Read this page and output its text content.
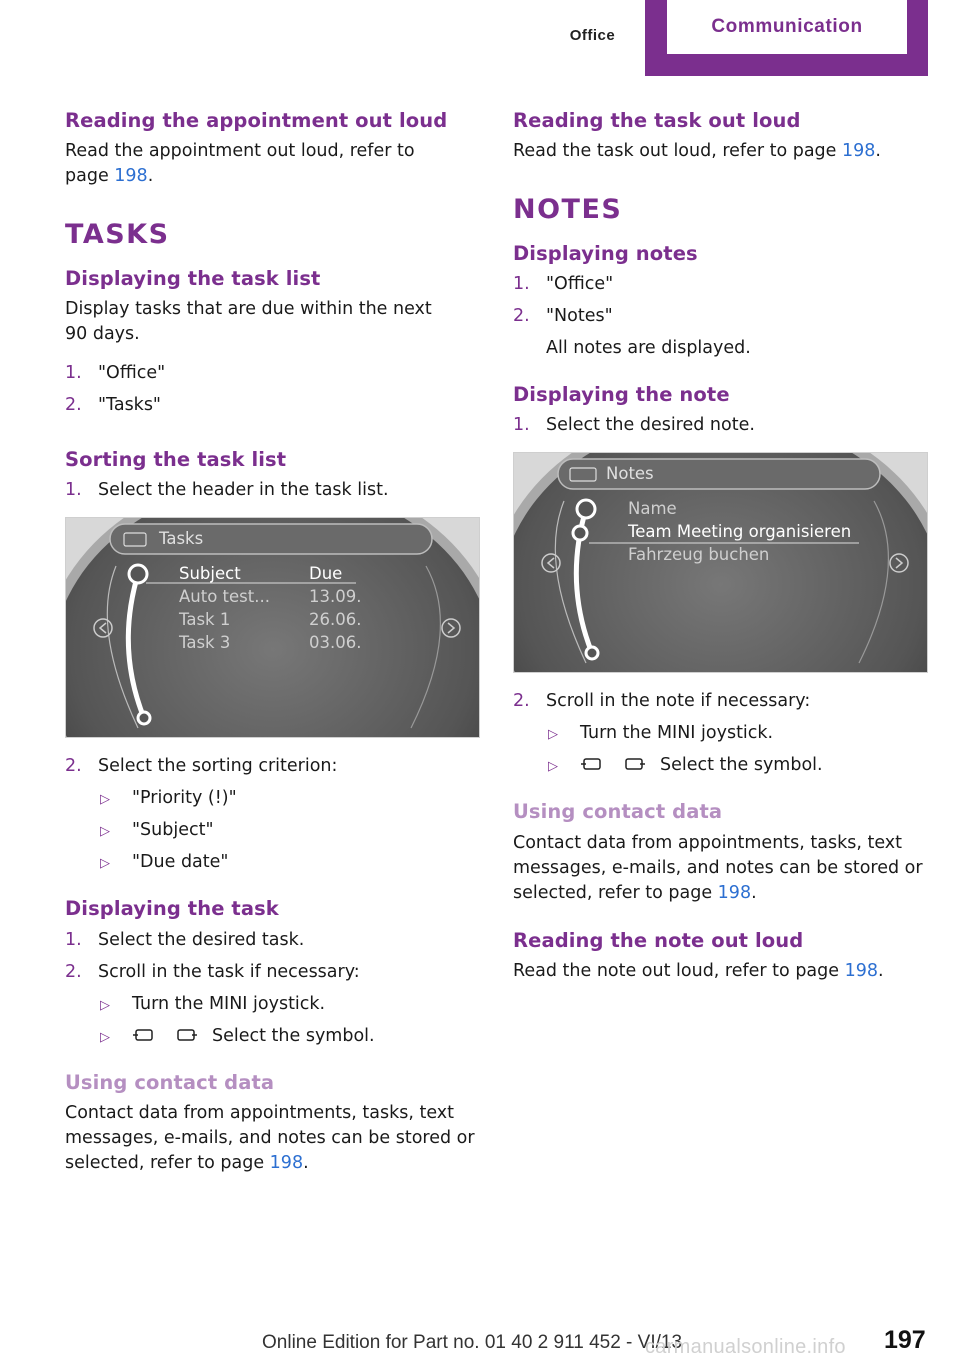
Office	Communication
Reading the appointment out loud

Read the appointment out loud, refer to
page 198.

TASKS
Displaying the task list

Display tasks that are due within the next 90 days.

1. "Office"
2. "Tasks"
Sorting the task list
1. Select the header in the task list.
Tasks
Subject	Due
Auto test... 13.09.
Task 1	26.06.
Task 3	03.06.
2. Select the sorting criterion:
▷ "Priority (!)"
▷ "Subject"
▷ "Due date"
Displaying the task
1. Select the desired task.
2. Scroll in the task if necessary:
▷ Turn the MINI joystick.
▷	Select the symbol.
Using contact data

Contact data from appointments, tasks, text messages, e-mails, and notes can be stored or selected, refer to page 198.

Reading the task out loud

Read the task out loud, refer to page 198.

NOTES
Displaying notes
1. "Office"
2. "Notes"
All notes are displayed.
Displaying the note
1. Select the desired note.
Notes
Name
Team Meeting organisieren
Fahrzeug buchen
2. Scroll in the note if necessary:
▷ Turn the MINI joystick.
▷	Select the symbol.
Using contact data

Contact data from appointments, tasks, text messages, e-mails, and notes can be stored or selected, refer to page 198.

Reading the note out loud

Read the note out loud, refer to page 198.

Online Edition for Part no. 01 40 2 911 452 - VI/13
carmanualsonline.info 197
